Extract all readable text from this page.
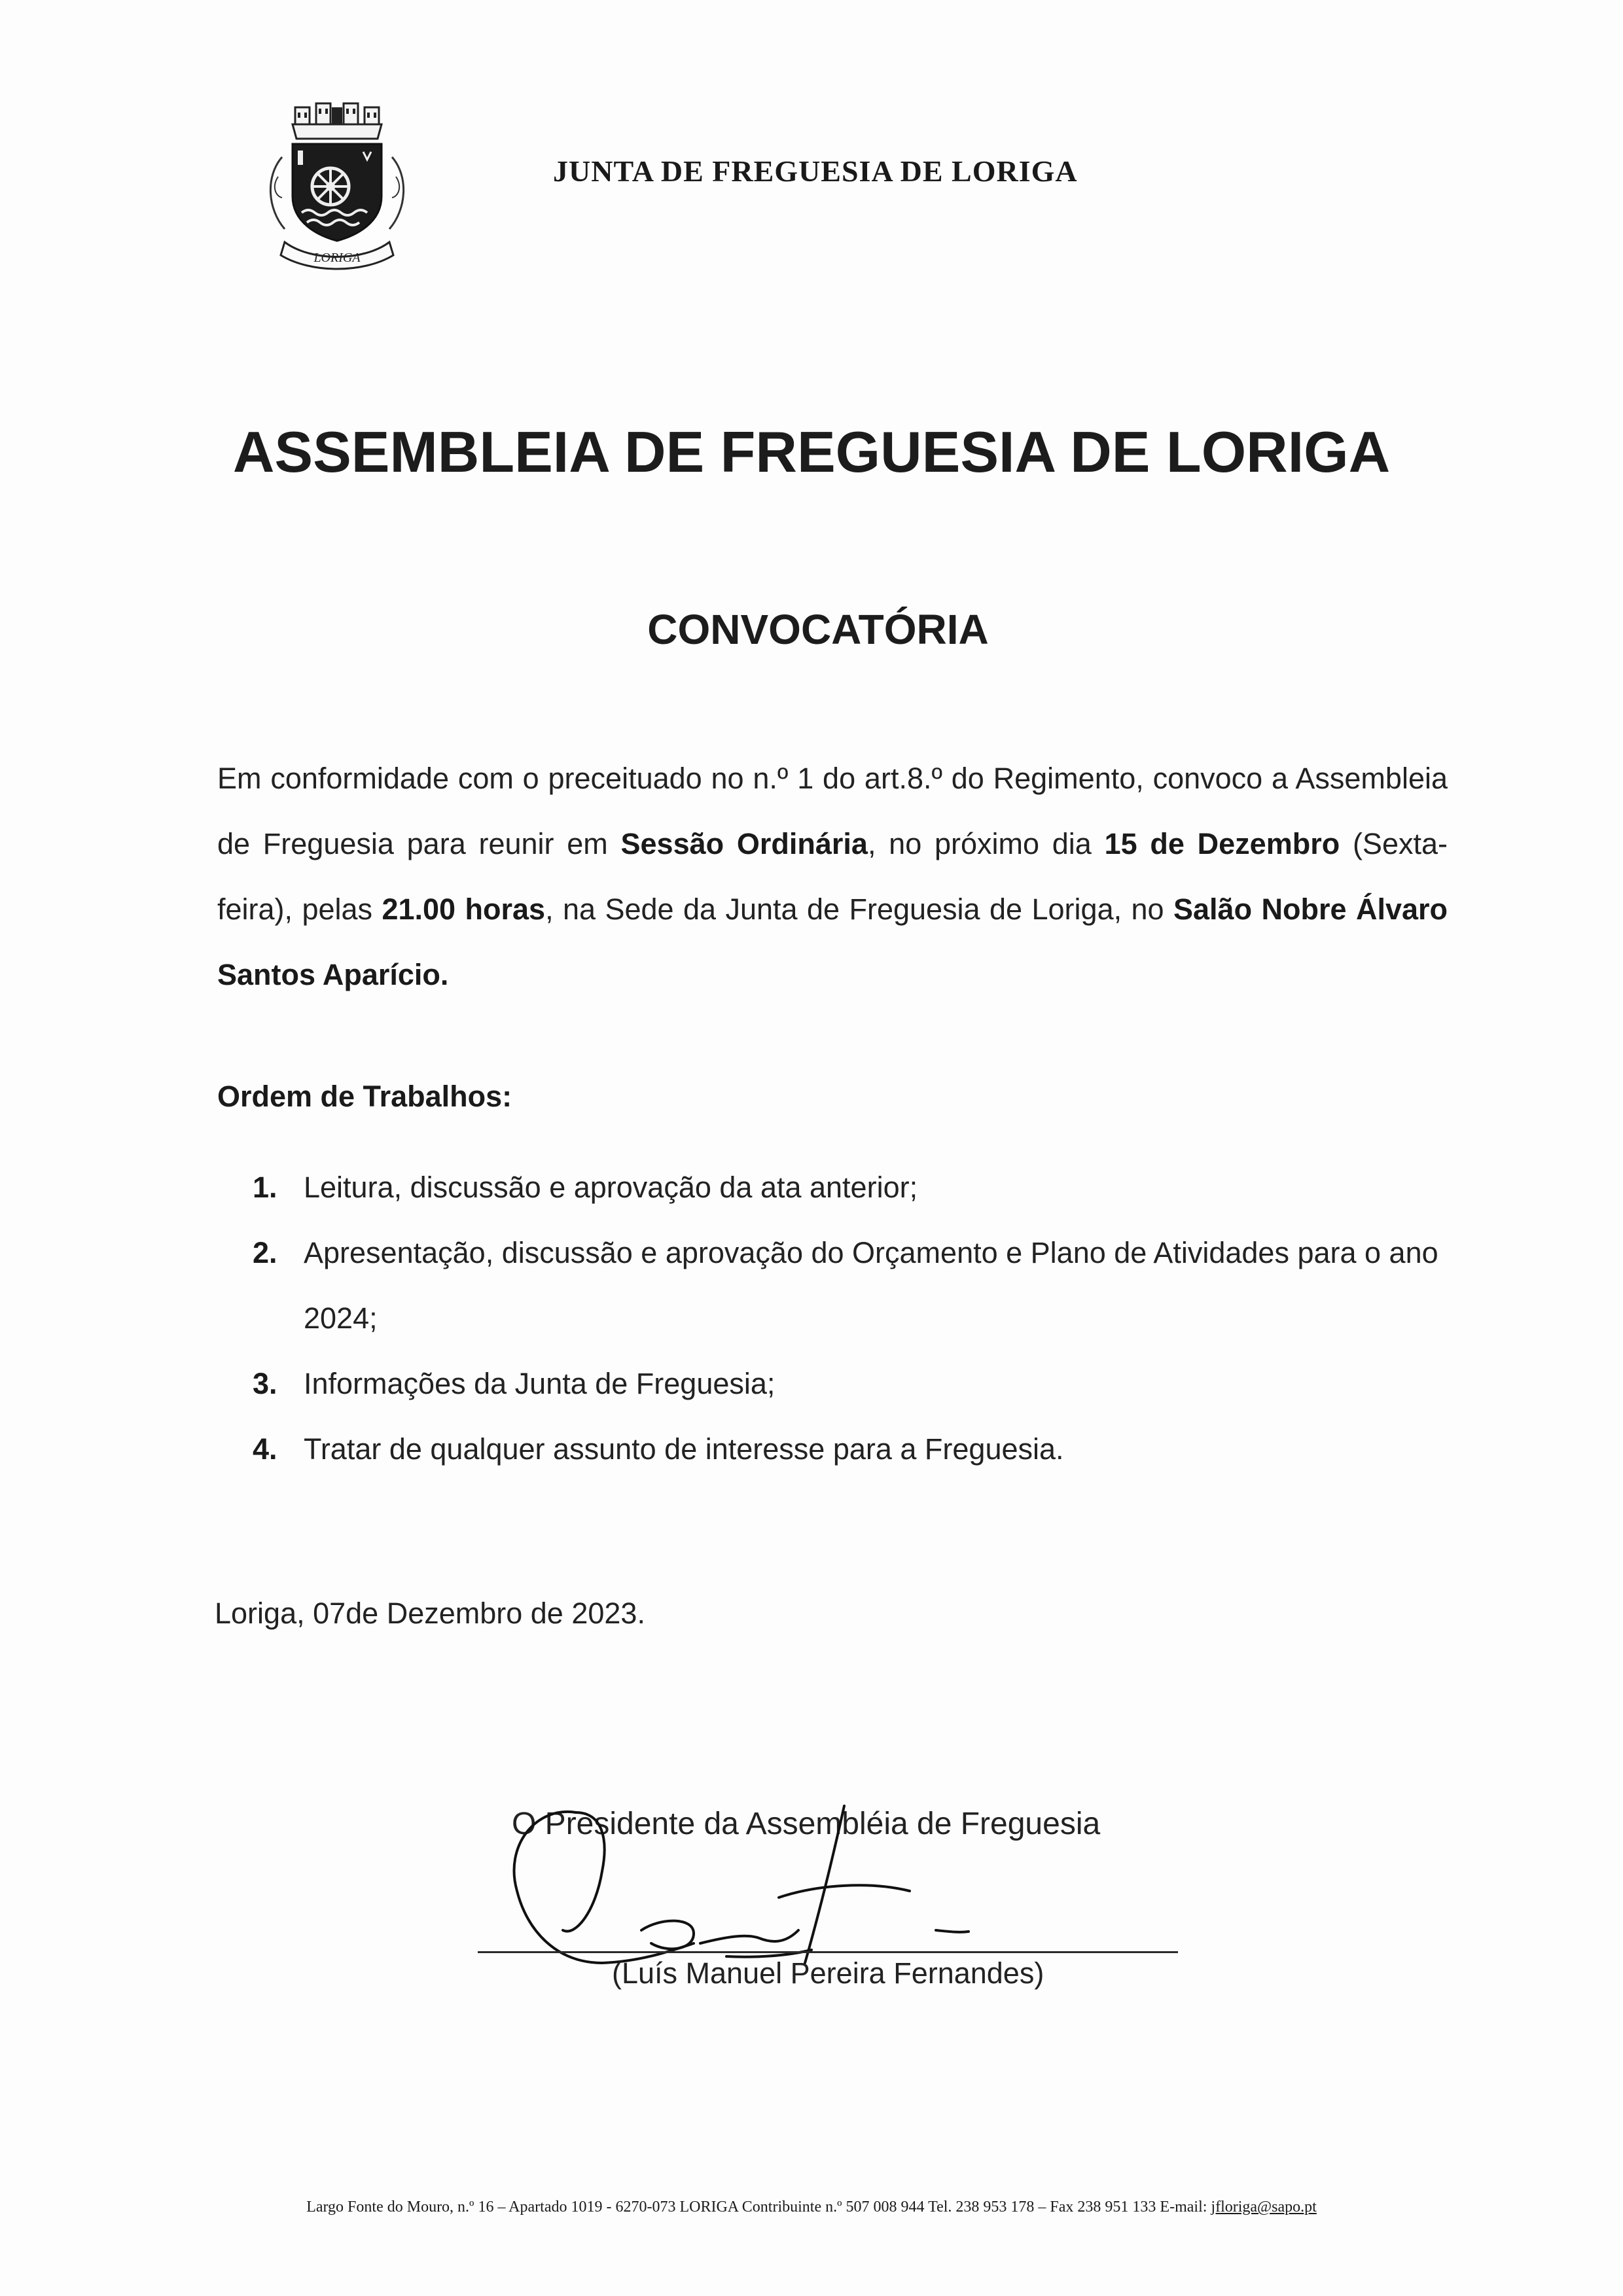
LORIGA
JUNTA DE FREGUESIA DE LORIGA
ASSEMBLEIA DE FREGUESIA DE LORIGA
CONVOCATÓRIA
Em conformidade com o preceituado no n.º 1 do art.8.º do Regimento, convoco a Assembleia de Freguesia para reunir em Sessão Ordinária, no próximo dia 15 de Dezembro (Sexta-feira), pelas 21.00 horas, na Sede da Junta de Freguesia de Loriga, no Salão Nobre Álvaro Santos Aparício.
Ordem de Trabalhos:
1. Leitura, discussão e aprovação da ata anterior;
2. Apresentação, discussão e aprovação do Orçamento e Plano de Atividades para o ano 2024;
3. Informações da Junta de Freguesia;
4. Tratar de qualquer assunto de interesse para a Freguesia.
Loriga, 07de Dezembro de 2023.
O Presidente da Assembléia de Freguesia
(Luís Manuel Pereira Fernandes)
Largo Fonte do Mouro, n.º 16 – Apartado 1019 - 6270-073 LORIGA Contribuinte n.º 507 008 944 Tel. 238 953 178 – Fax 238 951 133 E-mail: jfloriga@sapo.pt
